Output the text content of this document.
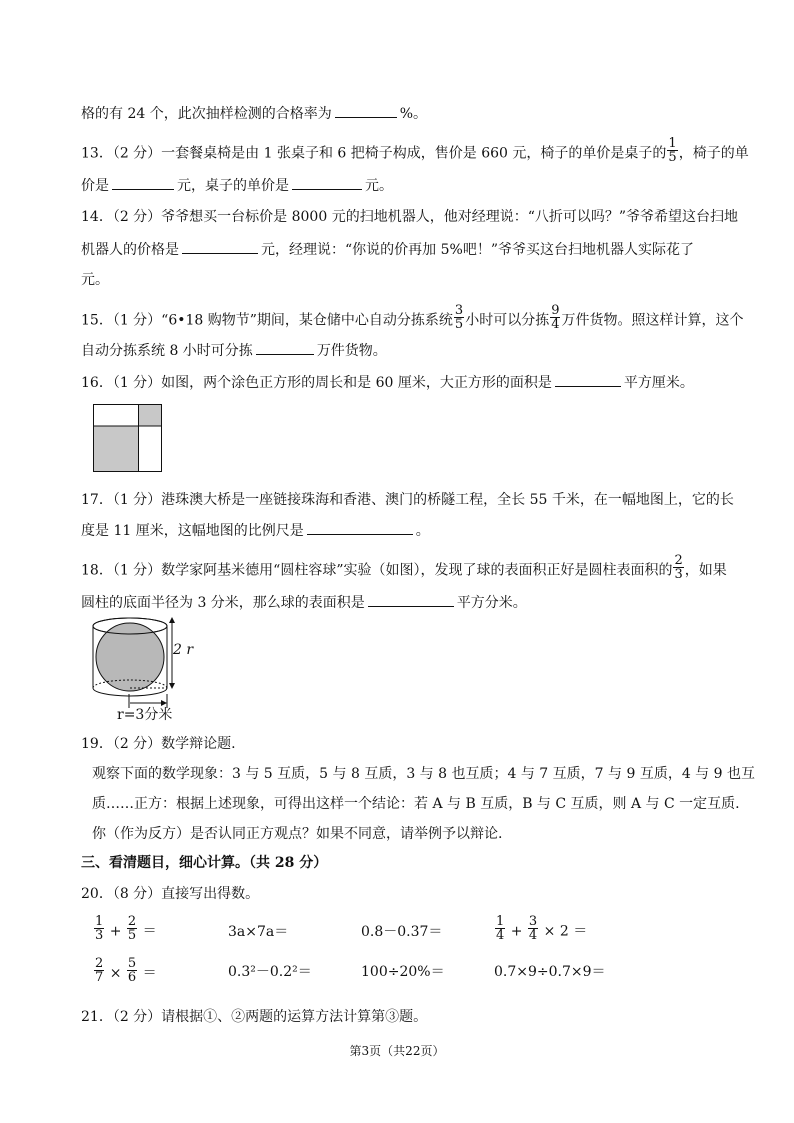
格的有 24 个，此次抽样检测的合格率为	%。
13．（2 分）一套餐桌椅是由 1 张桌子和 6 把椅子构成，售价是 660 元，椅子的单价是桌子的 $\frac{1}{5}$ ，椅子的单
价是	元，桌子的单价是	元。
14．（2 分）爷爷想买一台标价是 8000 元的扫地机器人，他对经理说：“八折可以吗？”爷爷希望这台扫地
机器人的价格是	元，经理说：“你说的价再加 5%吧！”爷爷买这台扫地机器人实际花了
元。
15．（1 分）“6•18 购物节”期间，某仓储中心自动分拣系统 $\frac{3}{5}$ 小时可以分拣 $\frac{9}{4}$ 万件货物。照这样计算，这个
自动分拣系统 8 小时可分拣	万件货物。
16．（1 分）如图，两个涂色正方形的周长和是 60 厘米，大正方形的面积是	平方厘米。
17．（1 分）港珠澳大桥是一座链接珠海和香港、澳门的桥隧工程，全长 55 千米，在一幅地图上，它的长
度是 11 厘米，这幅地图的比例尺是	。
18．（1 分）数学家阿基米德用“圆柱容球”实验（如图），发现了球的表面积正好是圆柱表面积的 $\frac{2}{3}$ ，如果
圆柱的底面半径为 3 分米，那么球的表面积是	平方分米。
2 r
r=3分米
19．（2 分）数学辩论题.
观察下面的数学现象：3 与 5 互质，5 与 8 互质，3 与 8 也互质；4 与 7 互质，7 与 9 互质，4 与 9 也互
质……正方：根据上述现象，可得出这样一个结论：若 A 与 B 互质，B 与 C 互质，则 A 与 C 一定互质.
你（作为反方）是否认同正方观点？如果不同意，请举例予以辩论.
三、看清题目，细心计算。（共 28 分）
20．（8 分）直接写出得数。
$\frac{1}{3} + \frac{2}{5}$ ＝	3a×7a＝	0.8－0.37＝	$\frac{1}{4} + \frac{3}{4} \times 2$ ＝
$\frac{2}{7} \times \frac{5}{6}$ ＝	0.3²－0.2²＝	100÷20%＝	0.7×9÷0.7×9＝
21．（2 分）请根据①、②两题的运算方法计算第③题。
第3页（共22页）
